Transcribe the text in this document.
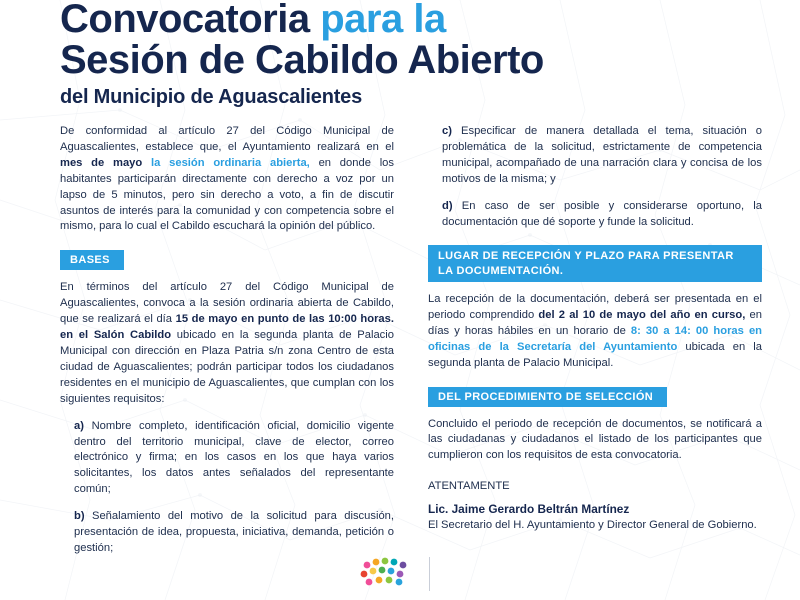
Convocatoria para la
Sesión de Cabildo Abierto
del Municipio de Aguascalientes

De conformidad al artículo 27 del Código Municipal de Aguascalientes, establece que, el Ayuntamiento realizará en el mes de mayo la sesión ordinaria abierta, en donde los habitantes participarán directamente con derecho a voz por un lapso de 5 minutos, pero sin derecho a voto, a fin de discutir asuntos de interés para la comunidad y con competencia sobre el mismo, para lo cual el Cabildo escuchará la opinión del público.

BASES

En términos del artículo 27 del Código Municipal de Aguascalientes, convoca a la sesión ordinaria abierta de Cabildo, que se realizará el día 15 de mayo en punto de las 10:00 horas. en el Salón Cabildo ubicado en la segunda planta de Palacio Municipal con dirección en Plaza Patria s/n zona Centro de esta ciudad de Aguascalientes; podrán participar todos los ciudadanos residentes en el municipio de Aguascalientes, que cumplan con los siguientes requisitos:

a) Nombre completo, identificación oficial, domicilio vigente dentro del territorio municipal, clave de elector, correo electrónico y firma; en los casos en los que haya varios solicitantes, los datos antes señalados del representante común;

b) Señalamiento del motivo de la solicitud para discusión, presentación de idea, propuesta, iniciativa, demanda, petición o gestión;

c) Especificar de manera detallada el tema, situación o problemática de la solicitud, estrictamente de competencia municipal, acompañado de una narración clara y concisa de los motivos de la misma; y

d) En caso de ser posible y considerarse oportuno, la documentación que dé soporte y funde la solicitud.

LUGAR DE RECEPCIÓN Y PLAZO PARA PRESENTAR LA DOCUMENTACIÓN.

La recepción de la documentación, deberá ser presentada en el periodo comprendido del 2 al 10 de mayo del año en curso, en días y horas hábiles en un horario de 8: 30 a 14: 00 horas en oficinas de la Secretaría del Ayuntamiento ubicada en la segunda planta de Palacio Municipal.

DEL PROCEDIMIENTO DE SELECCIÓN

Concluido el periodo de recepción de documentos, se notificará a las ciudadanas y ciudadanos el listado de los participantes que cumplieron con los requisitos de esta convocatoria.

ATENTAMENTE

Lic. Jaime Gerardo Beltrán Martínez

El Secretario del H. Ayuntamiento y Director General de Gobierno.
